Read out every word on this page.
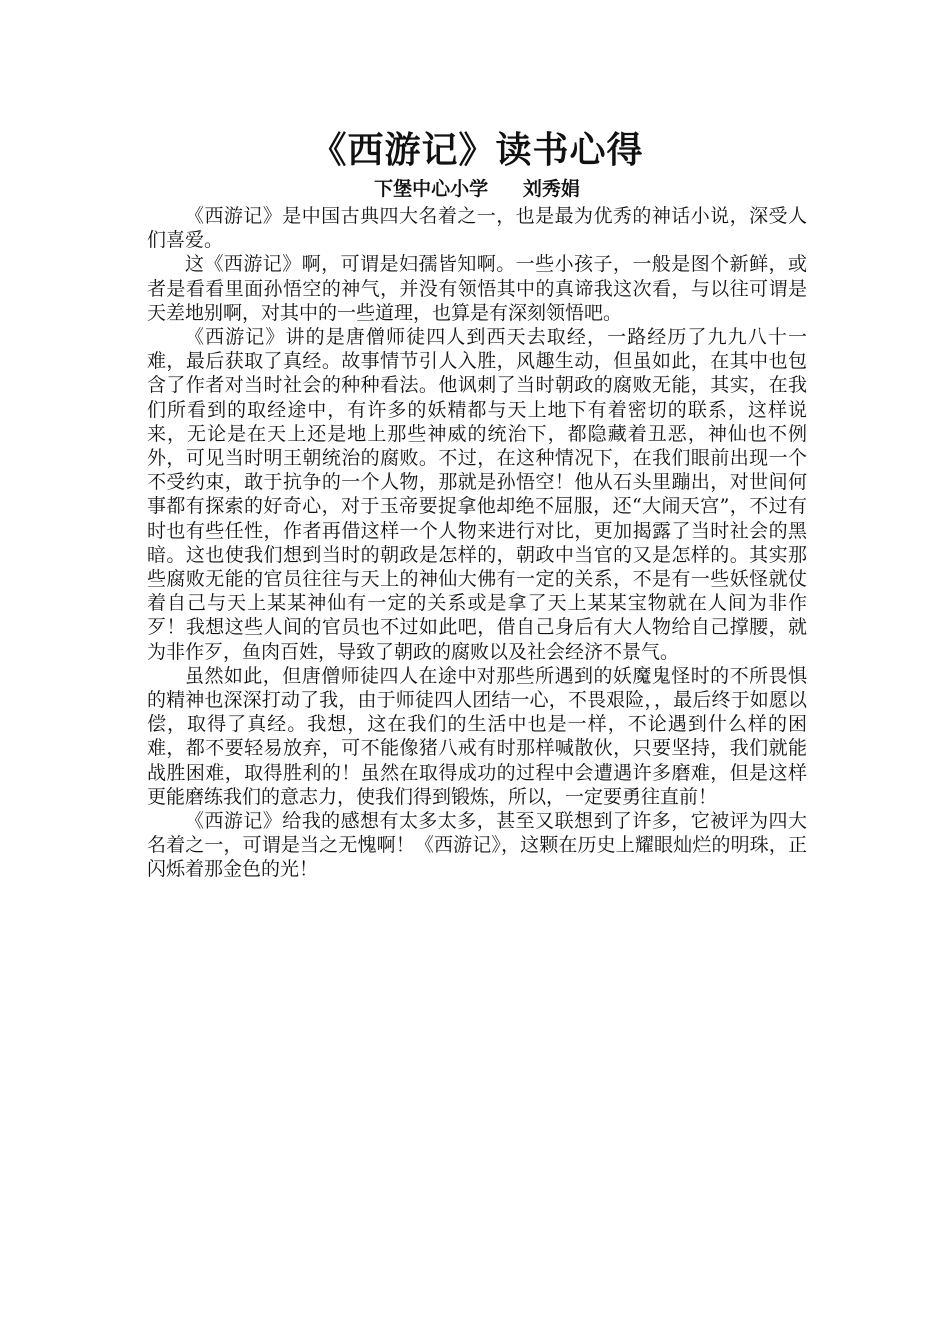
《西游记》读书心得

下堡中心小学 刘秀娟

《西游记》是中国古典四大名着之一，也是最为优秀的神话小说，深受人们喜爱。

这《西游记》啊，可谓是妇孺皆知啊。一些小孩子，一般是图个新鲜，或者是看看里面孙悟空的神气，并没有领悟其中的真谛我这次看，与以往可谓是天差地别啊，对其中的一些道理，也算是有深刻领悟吧。

《西游记》讲的是唐僧师徒四人到西天去取经，一路经历了九九八十一难，最后获取了真经。故事情节引人入胜，风趣生动，但虽如此，在其中也包含了作者对当时社会的种种看法。他讽刺了当时朝政的腐败无能，其实，在我们所看到的取经途中，有许多的妖精都与天上地下有着密切的联系，这样说来，无论是在天上还是地上那些神威的统治下，都隐藏着丑恶，神仙也不例外，可见当时明王朝统治的腐败。不过，在这种情况下，在我们眼前出现一个不受约束，敢于抗争的一个人物，那就是孙悟空！他从石头里蹦出，对世间何事都有探索的好奇心，对于玉帝要捉拿他却绝不屈服，还“大闹天宫”，不过有时也有些任性，作者再借这样一个人物来进行对比，更加揭露了当时社会的黑暗。这也使我们想到当时的朝政是怎样的，朝政中当官的又是怎样的。其实那些腐败无能的官员往往与天上的神仙大佛有一定的关系，不是有一些妖怪就仗着自己与天上某某神仙有一定的关系或是拿了天上某某宝物就在人间为非作歹！我想这些人间的官员也不过如此吧，借自己身后有大人物给自己撑腰，就为非作歹，鱼肉百姓，导致了朝政的腐败以及社会经济不景气。

虽然如此，但唐僧师徒四人在途中对那些所遇到的妖魔鬼怪时的不所畏惧的精神也深深打动了我，由于师徒四人团结一心，不畏艰险，，最后终于如愿以偿，取得了真经。我想，这在我们的生活中也是一样，不论遇到什么样的困难，都不要轻易放弃，可不能像猪八戒有时那样喊散伙，只要坚持，我们就能战胜困难，取得胜利的！虽然在取得成功的过程中会遭遇许多磨难，但是这样更能磨练我们的意志力，使我们得到锻炼，所以，一定要勇往直前！

《西游记》给我的感想有太多太多，甚至又联想到了许多，它被评为四大名着之一，可谓是当之无愧啊！《西游记》，这颗在历史上耀眼灿烂的明珠，正闪烁着那金色的光！
